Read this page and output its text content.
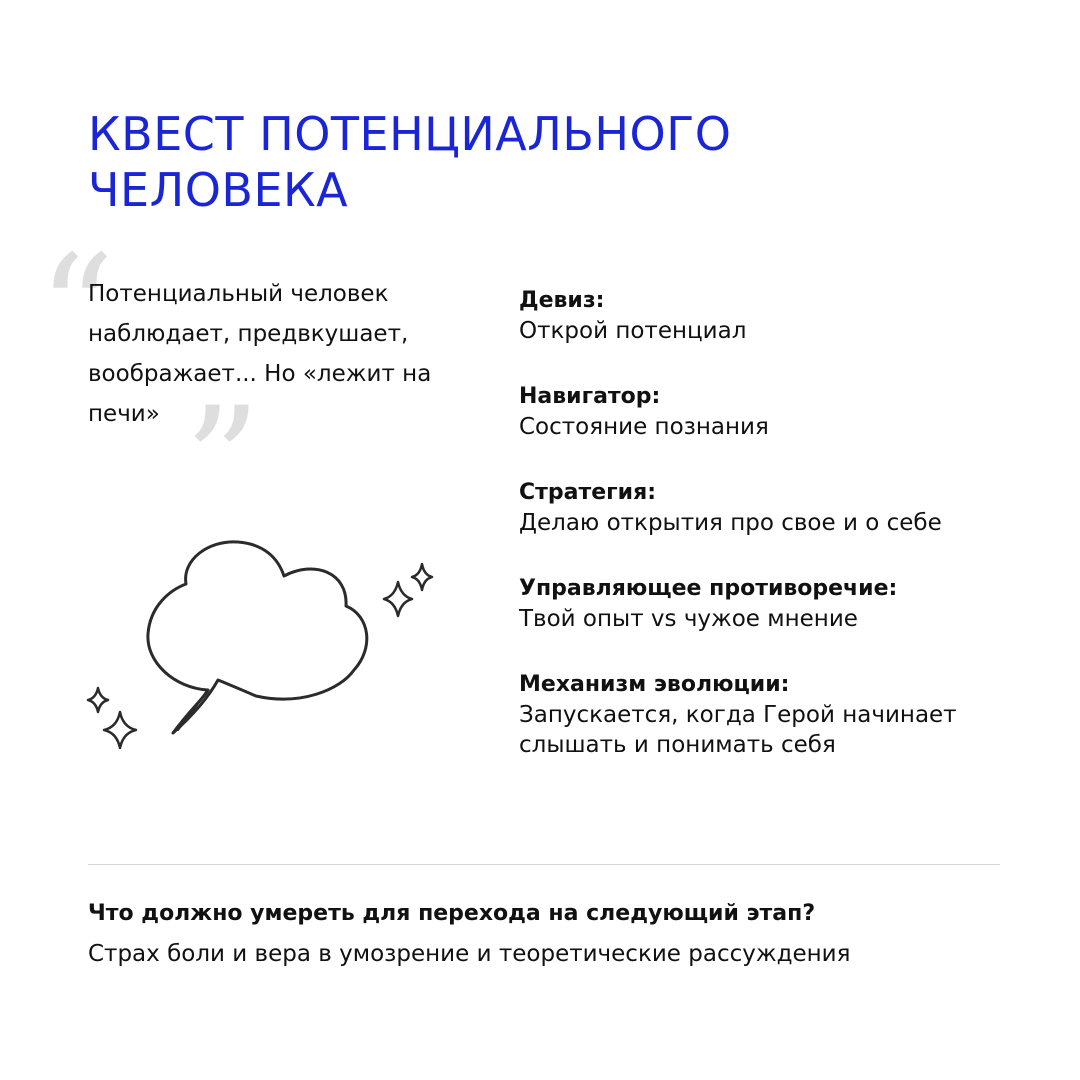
КВЕСТ ПОТЕНЦИАЛЬНОГО
ЧЕЛОВЕКА
“

Потенциальный человек наблюдает, предвкушает, воображает... Но «лежит на печи» ”
Девиз:
Открой потенциал
Навигатор:
Состояние познания
Стратегия:
Делаю открытия про свое и о себе
Управляющее противоречие:
Твой опыт vs чужое мнение
Механизм эволюции:
Запускается, когда Герой начинает слышать и понимать себя

Что должно умереть для перехода на следующий этап?

Страх боли и вера в умозрение и теоретические рассуждения
